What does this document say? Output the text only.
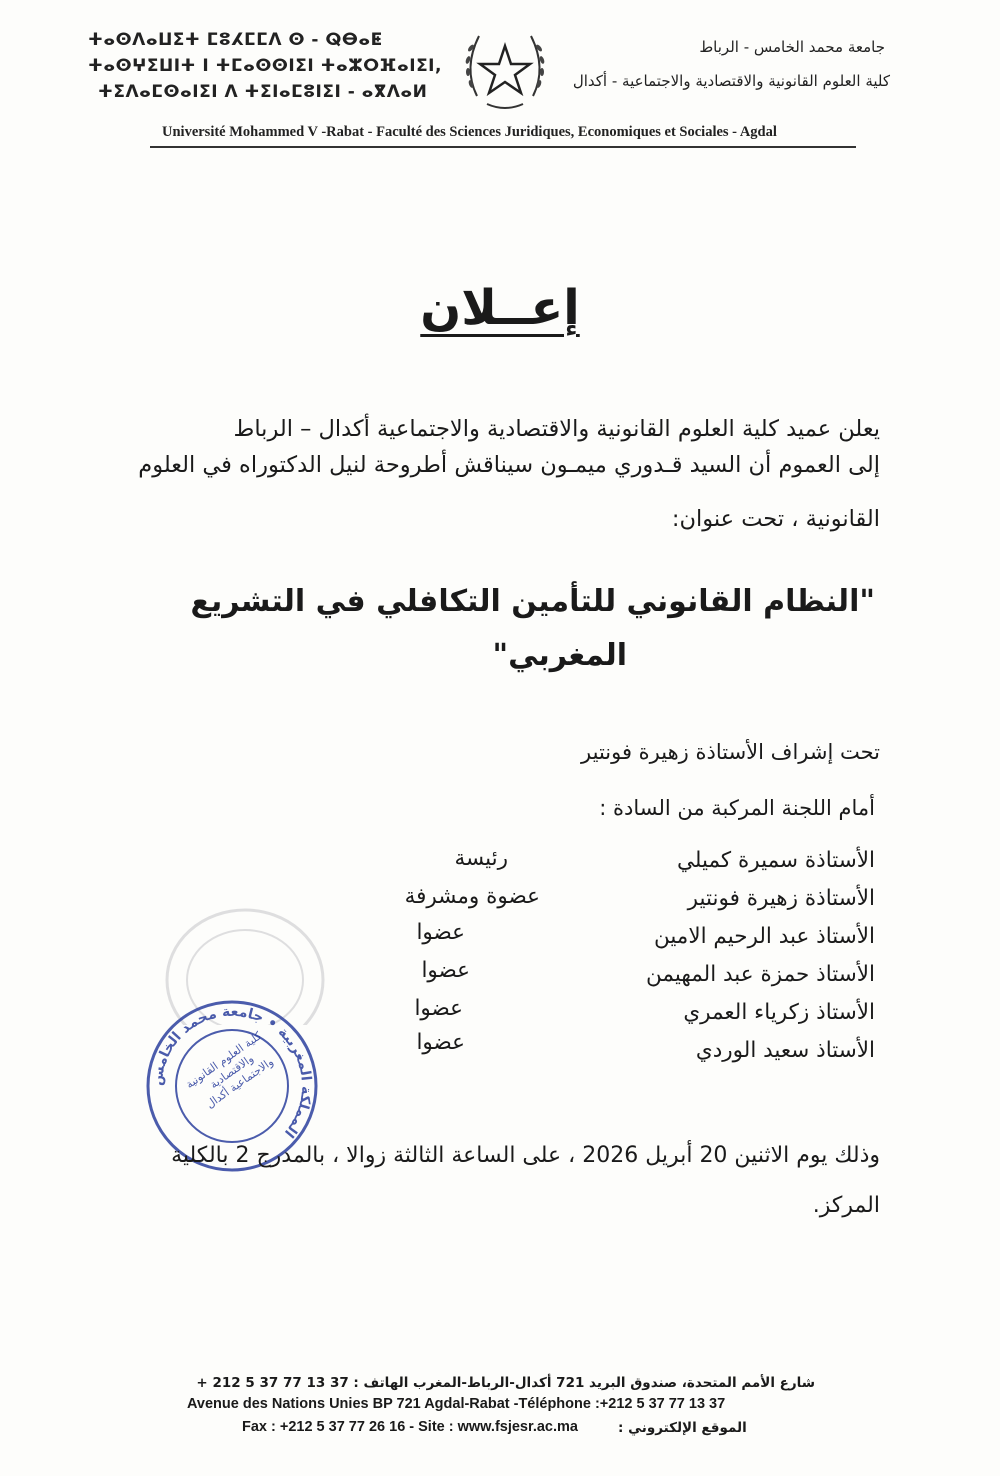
ⵜⴰⵙⴷⴰⵡⵉⵜ ⵎⵓⵃⵎⵎⴷ ⵙ - ⵕⴱⴰⵟ
ⵜⴰⵙⵖⵉⵡⵏⵜ ⵏ ⵜⵎⴰⵙⵙⵏⵉⵏ ⵜⴰⵣⵔⴼⴰⵏⵉⵏ,
ⵜⵉⴷⴰⵎⵙⴰⵏⵉⵏ ⴷ ⵜⵉⵏⴰⵎⵓⵏⵉⵏ - ⴰⴳⴷⴰⵍ
جامعة محمد الخامس - الرباط
كلية العلوم القانونية والاقتصادية والاجتماعية - أكدال
Université Mohammed V -Rabat - Faculté des Sciences Juridiques, Economiques et Sociales - Agdal
إعــلان
يعلن عميد كلية العلوم القانونية والاقتصادية والاجتماعية أكدال – الرباط
إلى العموم أن السيد قـدوري ميمـون سيناقش أطروحة لنيل الدكتوراه في العلوم
القانونية ، تحت عنوان:
"النظام القانوني للتأمين التكافلي في التشريع
المغربي"
تحت إشراف الأستاذة زهيرة فونتير
أمام اللجنة المركبة من السادة :
الأستاذة سميرة كميلي
رئيسة
الأستاذة زهيرة فونتير
عضوة ومشرفة
الأستاذ عبد الرحيم الامين
عضوا
الأستاذ حمزة عبد المهيمن
عضوا
الأستاذ زكرياء العمري
عضوا
الأستاذ سعيد الوردي
عضوا
المملكة المغربية • جامعة محمد الخامس
كلية العلوم القانونية والاقتصادية والاجتماعية أكدال
وذلك يوم الاثنين 20 أبريل 2026 ، على الساعة الثالثة زوالا ، بالمدرج 2 بالكلية
المركز.
شارع الأمم المتحدة، صندوق البريد 721 أكدال-الرباط-المغرب الهاتف : 37 13 77 37 5 212 +
Avenue des Nations Unies BP 721 Agdal-Rabat -Téléphone :+212 5 37 77 13 37
Fax : +212 5 37 77 26 16 - Site : www.fsjesr.ac.ma	الموقع الإلكتروني :
